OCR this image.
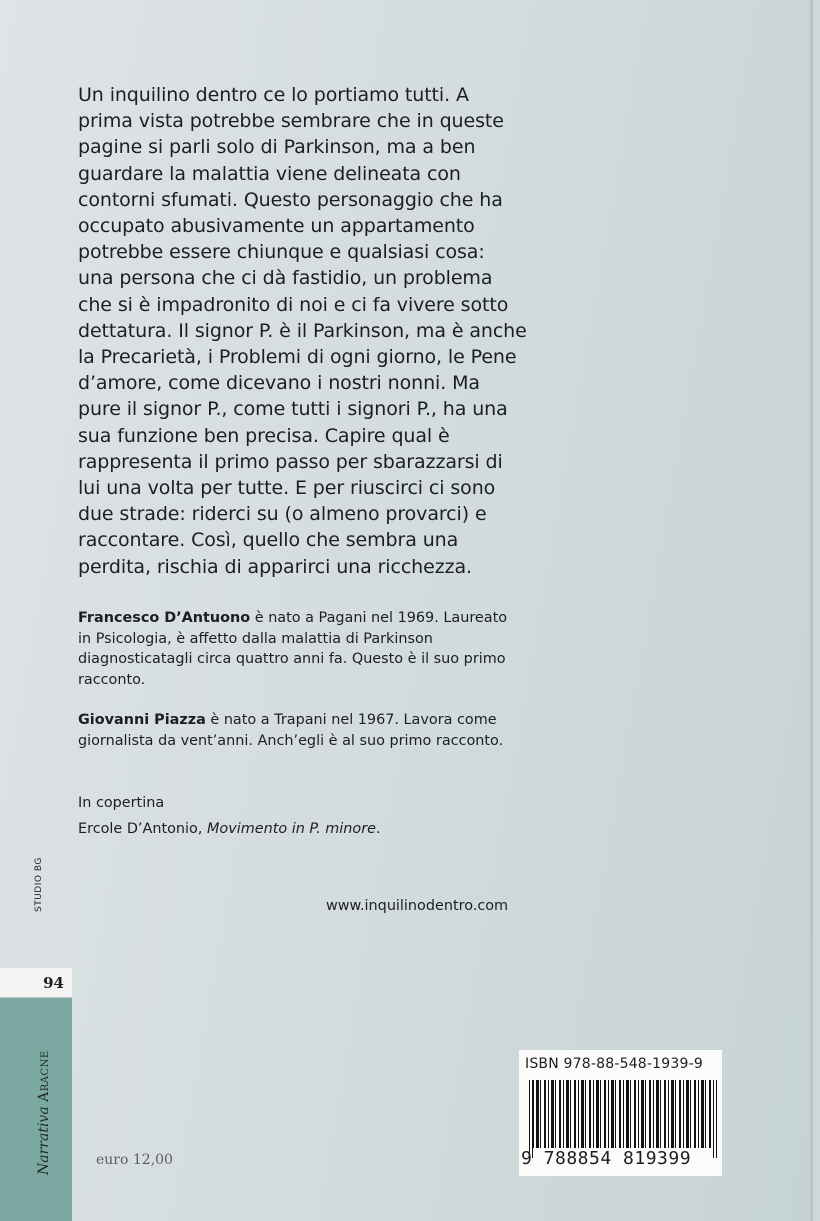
Un inquilino dentro ce lo portiamo tutti. A
prima vista potrebbe sembrare che in queste
pagine si parli solo di Parkinson, ma a ben
guardare la malattia viene delineata con
contorni sfumati. Questo personaggio che ha
occupato abusivamente un appartamento
potrebbe essere chiunque e qualsiasi cosa:
una persona che ci dà fastidio, un problema
che si è impadronito di noi e ci fa vivere sotto
dettatura. Il signor P. è il Parkinson, ma è anche
la Precarietà, i Problemi di ogni giorno, le Pene
d’amore, come dicevano i nostri nonni. Ma
pure il signor P., come tutti i signori P., ha una
sua funzione ben precisa. Capire qual è
rappresenta il primo passo per sbarazzarsi di
lui una volta per tutte. E per riuscirci ci sono
due strade: riderci su (o almeno provarci) e
raccontare. Così, quello che sembra una
perdita, rischia di apparirci una ricchezza.
Francesco D’Antuono è nato a Pagani nel 1969. Laureato
in Psicologia, è affetto dalla malattia di Parkinson
diagnosticatagli circa quattro anni fa. Questo è il suo primo
racconto.
Giovanni Piazza è nato a Trapani nel 1967. Lavora come
giornalista da vent’anni. Anch’egli è al suo primo racconto.
In copertina
Ercole D’Antonio, Movimento in P. minore.
www.inquilinodentro.com
STUDIO BG
94
Narrativa Aracne
euro 12,00
ISBN 978-88-548-1939-9
9 788854 819399
